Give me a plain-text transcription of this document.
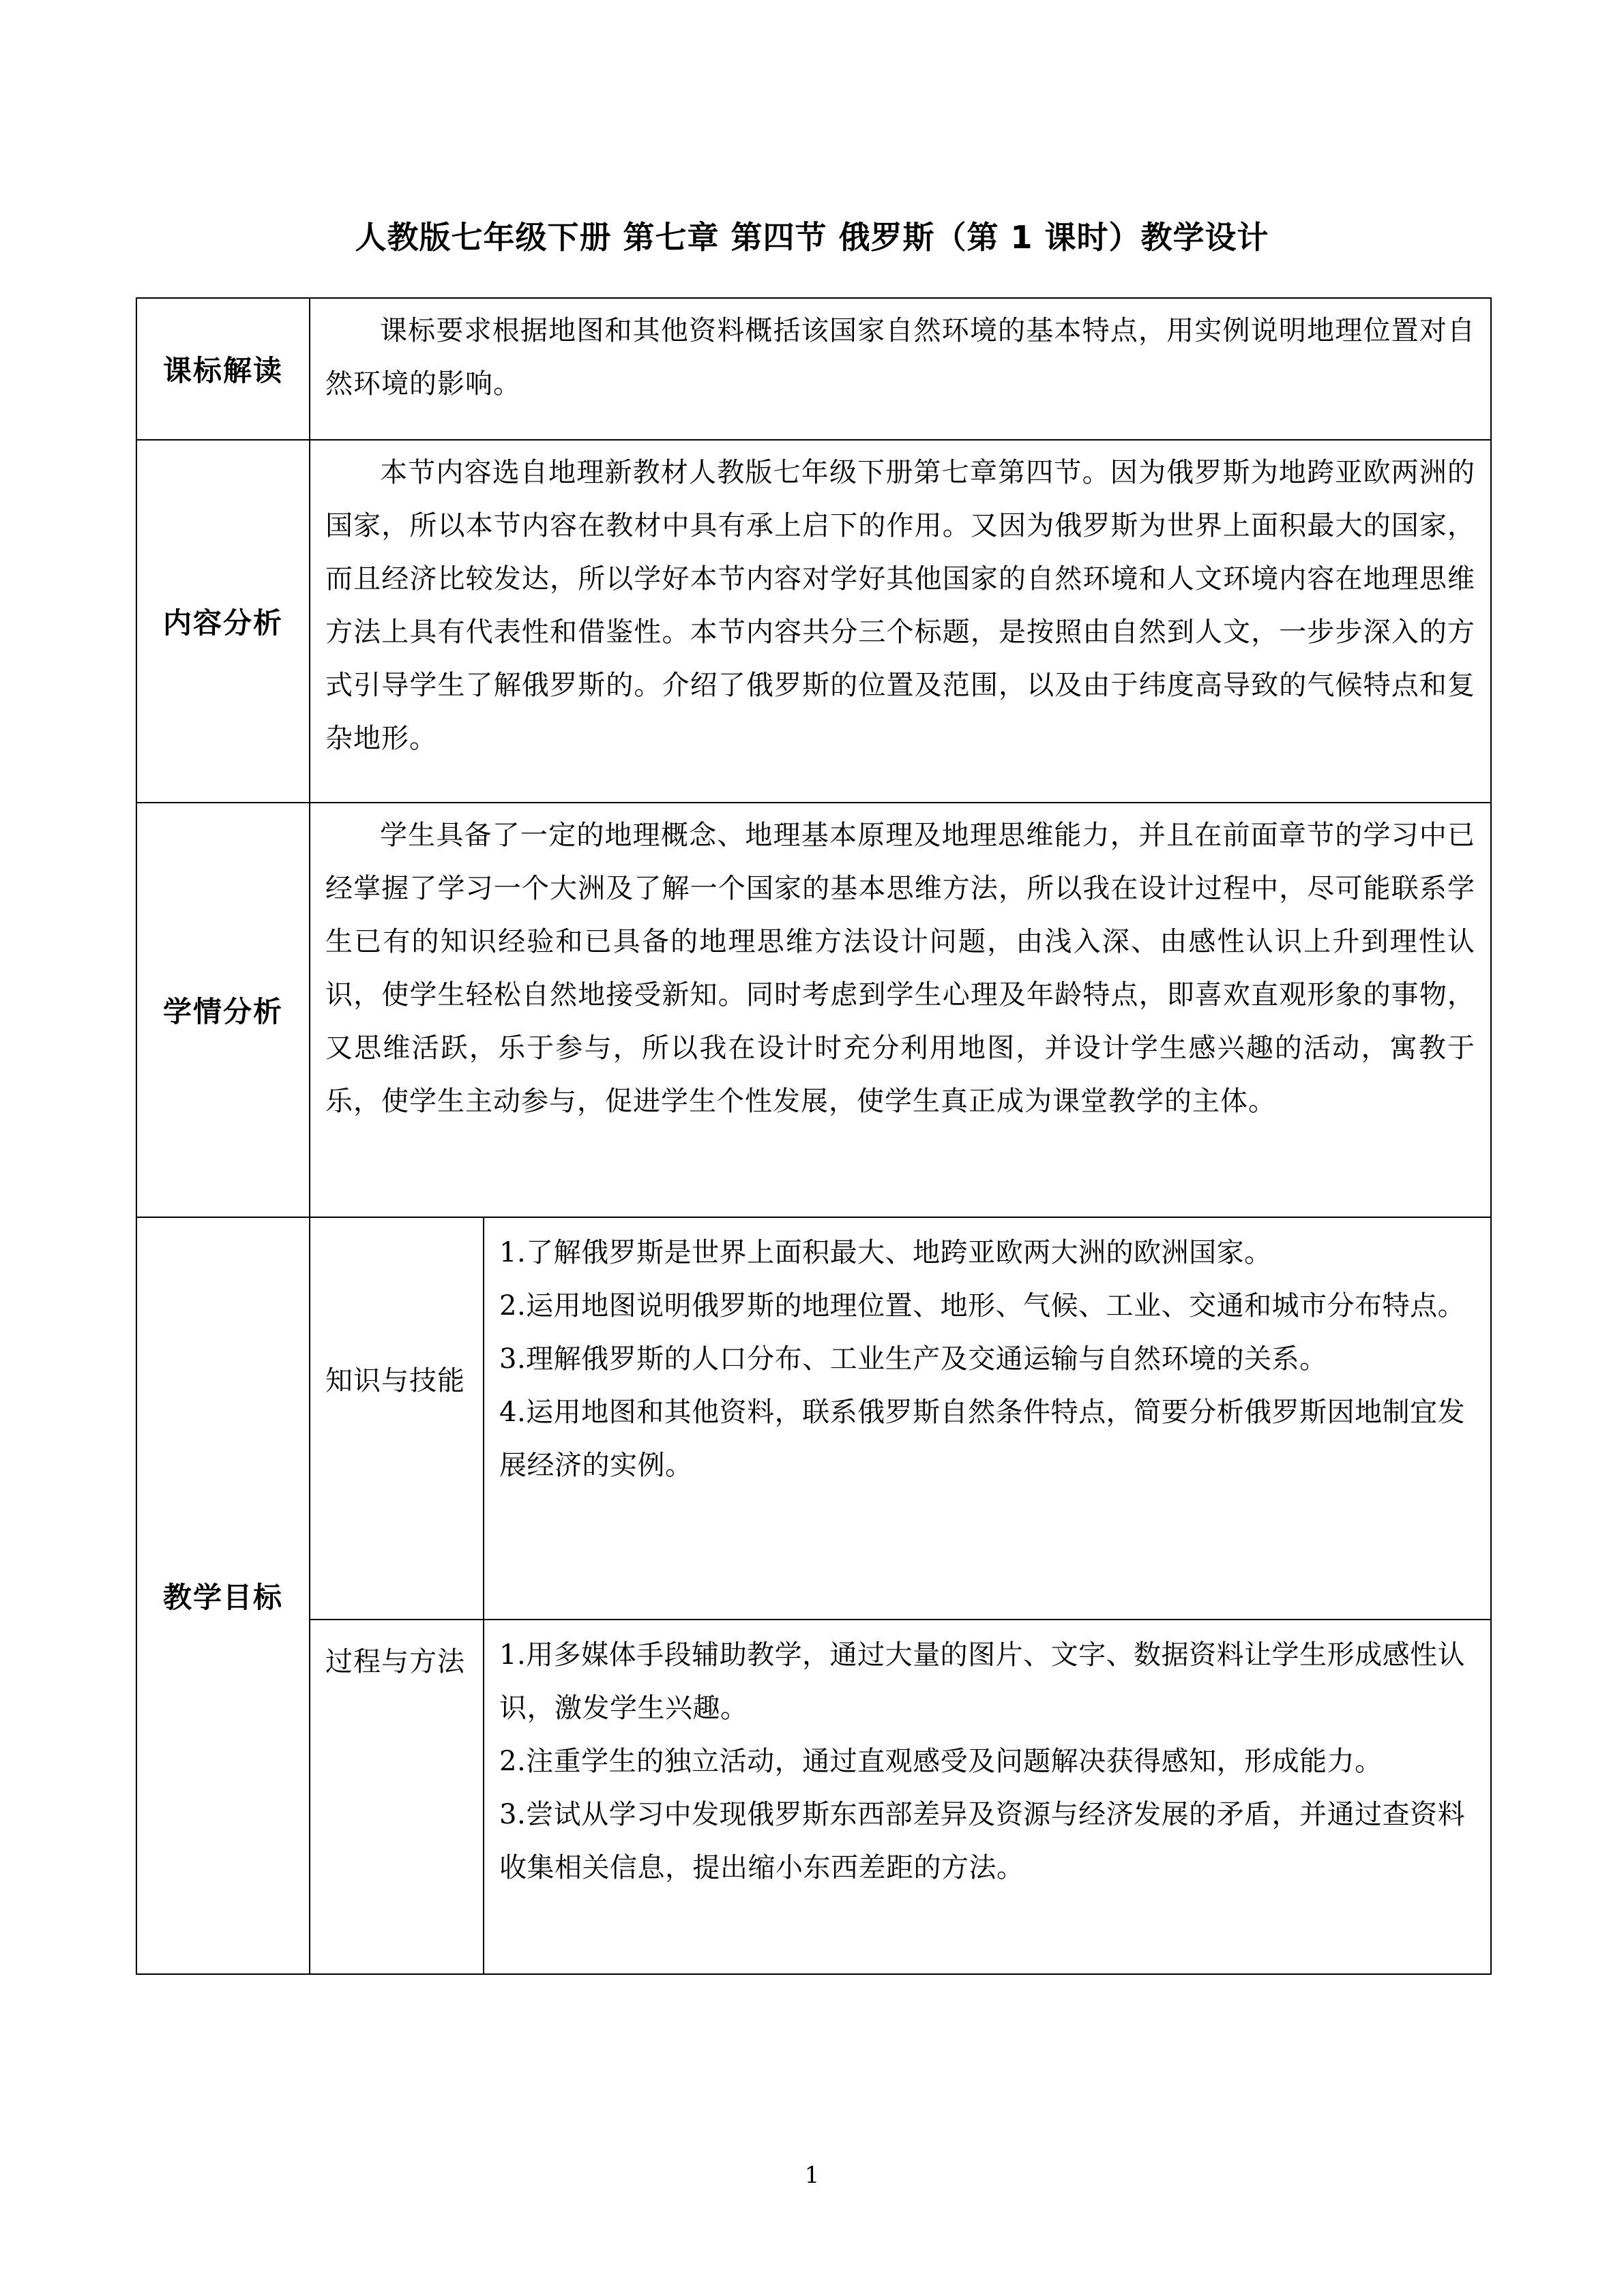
人教版七年级下册 第七章 第四节 俄罗斯（第 1 课时）教学设计
课标解读	课标要求根据地图和其他资料概括该国家自然环境的基本特点，用实例说明地理位置对自然环境的影响。	

内容分析	本节内容选自地理新教材人教版七年级下册第七章第四节。因为俄罗斯为地跨亚欧两洲的国家，所以本节内容在教材中具有承上启下的作用。又因为俄罗斯为世界上面积最大的国家，而且经济比较发达，所以学好本节内容对学好其他国家的自然环境和人文环境内容在地理思维方法上具有代表性和借鉴性。本节内容共分三个标题，是按照由自然到人文，一步步深入的方式引导学生了解俄罗斯的。介绍了俄罗斯的位置及范围，以及由于纬度高导致的气候特点和复杂地形。	

学情分析	学生具备了一定的地理概念、地理基本原理及地理思维能力，并且在前面章节的学习中已经掌握了学习一个大洲及了解一个国家的基本思维方法，所以我在设计过程中，尽可能联系学生已有的知识经验和已具备的地理思维方法设计问题，由浅入深、由感性认识上升到理性认识，使学生轻松自然地接受新知。同时考虑到学生心理及年龄特点，即喜欢直观形象的事物，又思维活跃，乐于参与，所以我在设计时充分利用地图，并设计学生感兴趣的活动，寓教于乐，使学生主动参与，促进学生个性发展，使学生真正成为课堂教学的主体。	

教学目标	知识与技能	1.了解俄罗斯是世界上面积最大、地跨亚欧两大洲的欧洲国家。
2.运用地图说明俄罗斯的地理位置、地形、气候、工业、交通和城市分布特点。
3.理解俄罗斯的人口分布、工业生产及交通运输与自然环境的关系。
4.运用地图和其他资料，联系俄罗斯自然条件特点，简要分析俄罗斯因地制宜发展经济的实例。

	过程与方法	1.用多媒体手段辅助教学，通过大量的图片、文字、数据资料让学生形成感性认识，激发学生兴趣。
2.注重学生的独立活动，通过直观感受及问题解决获得感知，形成能力。
3.尝试从学习中发现俄罗斯东西部差异及资源与经济发展的矛盾，并通过查资料收集相关信息，提出缩小东西差距的方法。
1
